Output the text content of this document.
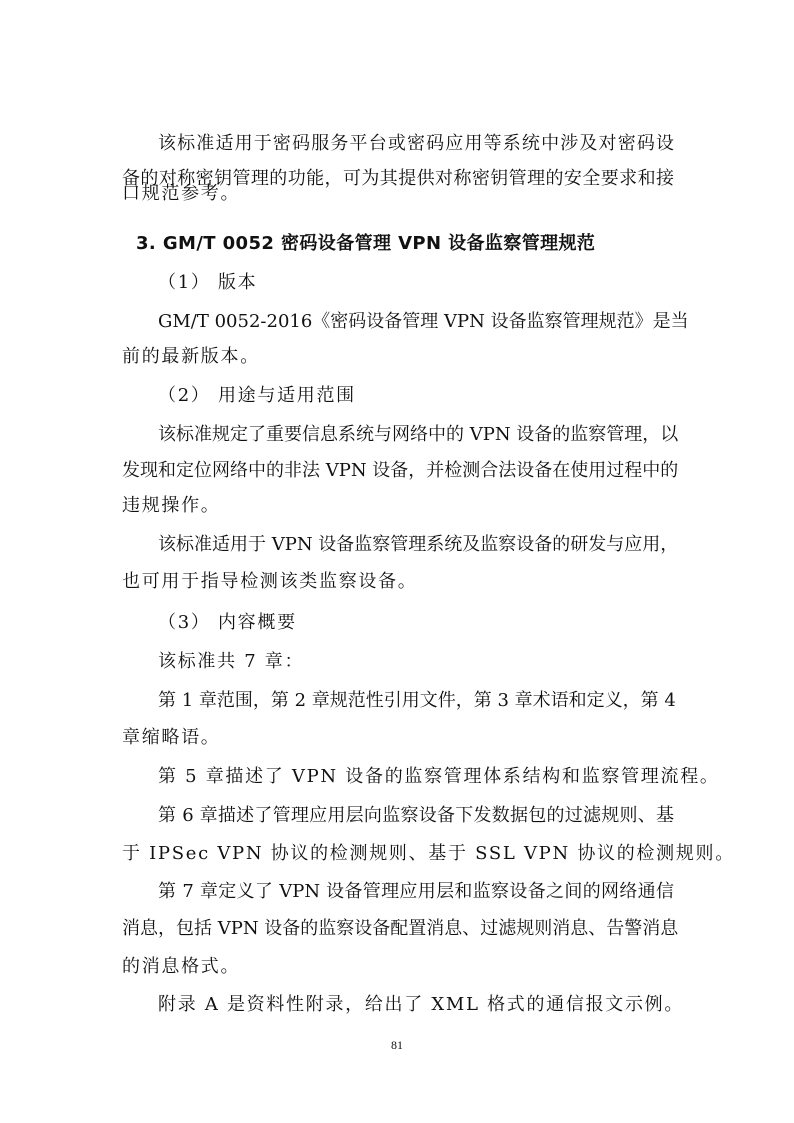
该标准适用于密码服务平台或密码应用等系统中涉及对密码设
备的对称密钥管理的功能，可为其提供对称密钥管理的安全要求和接
口规范参考。
3. GM/T 0052 密码设备管理 VPN 设备监察管理规范
（1） 版本
GM/T 0052-2016《密码设备管理 VPN 设备监察管理规范》是当
前的最新版本。
（2） 用途与适用范围
该标准规定了重要信息系统与网络中的 VPN 设备的监察管理，以
发现和定位网络中的非法 VPN 设备，并检测合法设备在使用过程中的
违规操作。
该标准适用于 VPN 设备监察管理系统及监察设备的研发与应用，
也可用于指导检测该类监察设备。
（3） 内容概要
该标准共 7 章：
第 1 章范围，第 2 章规范性引用文件，第 3 章术语和定义，第 4
章缩略语。
第 5 章描述了 VPN 设备的监察管理体系结构和监察管理流程。
第 6 章描述了管理应用层向监察设备下发数据包的过滤规则、基
于 IPSec VPN 协议的检测规则、基于 SSL VPN 协议的检测规则。
第 7 章定义了 VPN 设备管理应用层和监察设备之间的网络通信
消息，包括 VPN 设备的监察设备配置消息、过滤规则消息、告警消息
的消息格式。
附录 A 是资料性附录，给出了 XML 格式的通信报文示例。
81
